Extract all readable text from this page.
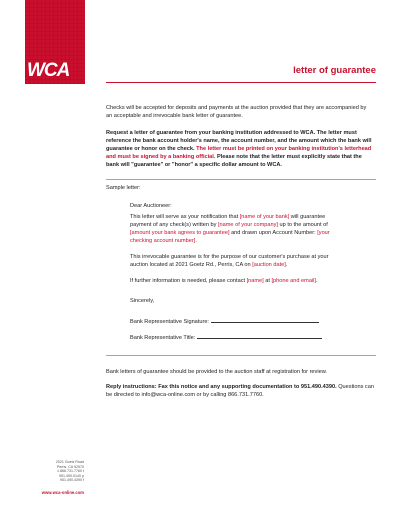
WCA	letter of guarantee
Checks will be accepted for deposits and payments at the auction provided that they are accompanied by an acceptable and irrevocable bank letter of guarantee.
Request a letter of guarantee from your banking institution addressed to WCA. The letter must reference the bank account holder's name, the account number, and the amount which the bank will guarantee or honor on the check. The letter must be printed on your banking institution's letterhead and must be signed by a banking official. Please note that the letter must explicitly state that the bank will "guarantee" or "honor" a specific dollar amount to WCA.
Sample letter:
Dear Auctioneer:
This letter will serve as your notification that [name of your bank] will guarantee payment of any check(s) written by [name of your company] up to the amount of [amount your bank agrees to guarantee] and drawn upon Account Number: [your checking account number].
This irrevocable guarantee is for the purpose of our customer's purchase at your auction located at 2021 Goetz Rd., Perris, CA on [auction date].
If further information is needed, please contact [name] at [phone and email].
Sincerely,
Bank Representative Signature:
Bank Representative Title:
Bank letters of guarantee should be provided to the auction staff at registration for review.
Reply instructions: Fax this notice and any supporting documentation to 951.490.4390. Questions can be directed to info@wca-online.com or by calling 866.731.7760.
2021 Goetz Road
Perris, CA 92570
1.866.731.7760 t
951.490.0140 p
951.490.4390 f
www.wca-online.com
